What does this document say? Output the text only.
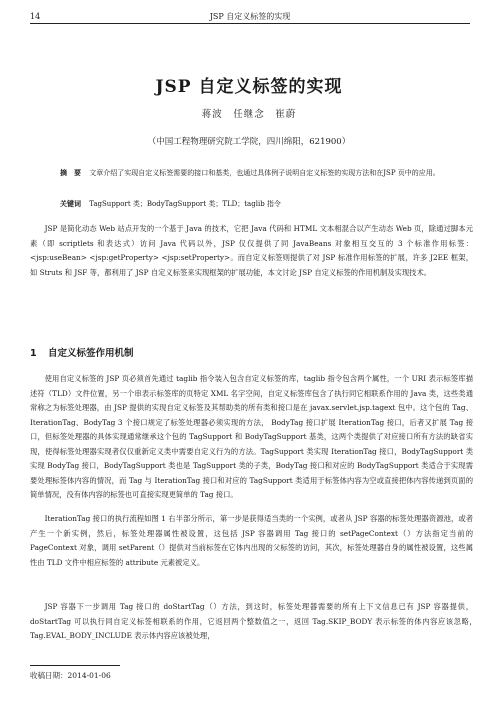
14	JSP 自定义标签的实现
JSP 自定义标签的实现
蒋波　任继念　崔蔚
（中国工程物理研究院工学院，四川绵阳，621900）
摘　要 文章介绍了实现自定义标签需要的接口和基类，也通过具体例子说明自定义标签的实现方法和在JSP 页中的应用。
关键词 TagSupport 类；BodyTagSupport 类；TLD；taglib 指令

JSP 是简化动态 Web 站点开发的一个基于 Java 的技术，它把 Java 代码和 HTML 文本相混合以产生动态 Web 页，除通过脚本元素（即 scriptlets 和表达式）访问 Java 代码以外，JSP 仅仅提供了同 JavaBeans 对象相互交互的 3 个标准作用标签：<jsp:useBean> <jsp:getProperty> <jsp:setProperty>。而自定义标签则提供了对 JSP 标准作用标签的扩展，许多 J2EE 框架，如 Struts 和 JSF 等，都利用了 JSP 自定义标签来实现框架的扩展功能，本文讨论 JSP 自定义标签的作用机制及实现技术。

1 自定义标签作用机制

使用自定义标签的 JSP 页必须首先通过 taglib 指令装入包含自定义标签的库，taglib 指令包含两个属性，一个 URI 表示标签库描述符（TLD）文件位置，另一个串表示标签库的页特定 XML 名字空间，自定义标签库包含了执行同它相联系作用的 Java 类，这些类通常称之为标签处理器，由 JSP 提供的实现自定义标签及其帮助类的所有类和接口是在 javax.servlet.jsp.tagext 包中。这个包的 Tag、IterationTag、BodyTag 3 个接口规定了标签处理器必须实现的方法， BodyTag 接口扩展 IterationTag 接口，后者又扩展 Tag 接口，但标签处理器的具体实现通常继承这个包的 TagSupport 和 BodyTagSupport 基类，这两个类提供了对应接口所有方法的缺省实现，使得标签处理器实现者仅仅重新定义类中需要自定义行为的方法。TagSupport 类实现 IterationTag 接口，BodyTagSupport 类实现 BodyTag 接口，BodyTagSupport 类也是 TagSupport 类的子类，BodyTag 接口和对应的 BodyTagSupport 类适合于实现需要处理标签体内容的情况，而 Tag 与 IterationTag 接口和对应的 TagSupport 类适用于标签体内容为空或直接把体内容传递到页面的简单情况，没有体内容的标签也可直接实现更简单的 Tag 接口。

IterationTag 接口的执行流程如图 1 右半部分所示，第一步是获得适当类的一个实例，或者从 JSP 容器的标签处理器资源池，或者产生一个新实例，然后，标签处理器属性被设置，这包括 JSP 容器调用 Tag 接口的 setPageContext（）方法指定当前的 PageContext 对象，调用 setParent（）提供对当前标签在它体内出现的父标签的访问，其次，标签处理器自身的属性被设置，这些属性由 TLD 文件中相应标签的 attribute 元素被定义。

JSP 容器下一步调用 Tag 接口的 doStartTag（）方法，到这时，标签处理器需要的所有上下文信息已有 JSP 容器提供，doStartTag 可以执行同自定义标签相联系的作用，它返回两个整数值之一，返回 Tag.SKIP_BODY 表示标签的体内容应该忽略，　Tag.EVAL_BODY_INCLUDE 表示体内容应该被处理，

收稿日期：2014-01-06
